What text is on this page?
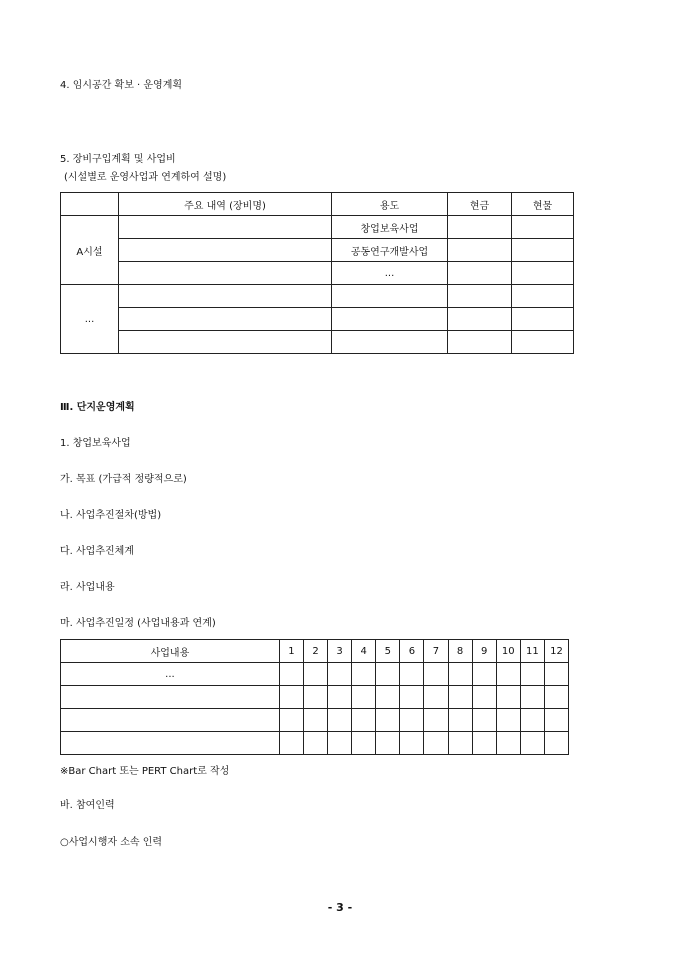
4. 임시공간 확보 · 운영계획
5. 장비구입계획 및 사업비
(시설별로 운영사업과 연계하여 설명)
	주요 내역 (장비명)	용도	현금	현물
A시설		창업보육사업		
		공동연구개발사업		
		...		
...				

Ⅲ. 단지운영계획
1. 창업보육사업
가. 목표 (가급적 정량적으로)
나. 사업추진절차(방법)
다. 사업추진체계
라. 사업내용
마. 사업추진일정 (사업내용과 연계)
사업내용	1	2	3	4	5	6	7	8	9	10	11	12
...												

※Bar Chart 또는 PERT Chart로 작성
바. 참여인력
○사업시행자 소속 인력
- 3 -
